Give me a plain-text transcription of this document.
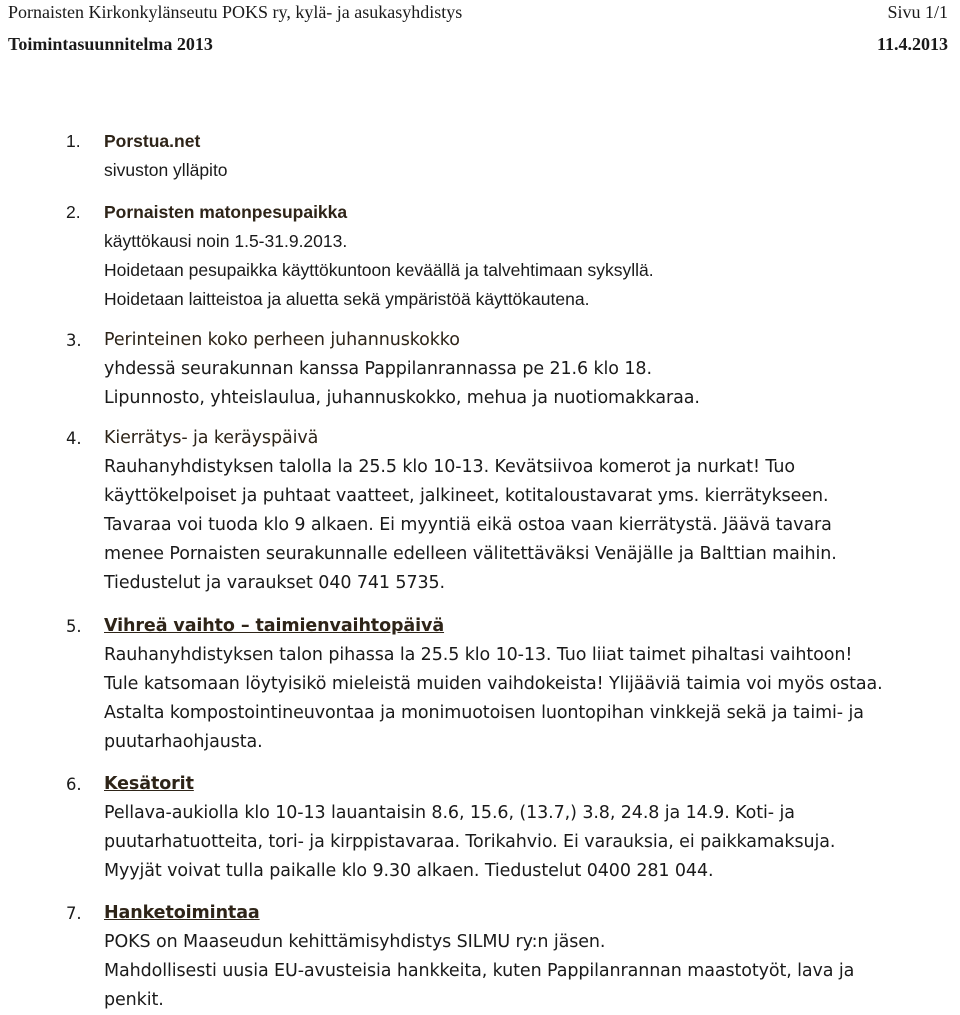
Pornaisten Kirkonkylänseutu POKS ry, kylä- ja asukasyhdistys	Sivu 1/1
Toimintasuunnitelma 2013	11.4.2013
1. Porstua.net
sivuston ylläpito
2. Pornaisten matonpesupaikka
käyttökausi noin 1.5-31.9.2013.
Hoidetaan pesupaikka käyttökuntoon keväällä ja talvehtimaan syksyllä.
Hoidetaan laitteistoa ja aluetta sekä ympäristöä käyttökautena.
3. Perinteinen koko perheen juhannuskokko
yhdessä seurakunnan kanssa Pappilanrannassa pe 21.6 klo 18.
Lipunnosto, yhteislaulua, juhannuskokko, mehua ja nuotiomakkaraa.
4. Kierrätys- ja keräyspäivä
Rauhanyhdistyksen talolla la 25.5 klo 10-13. Kevätsiivoa komerot ja nurkat! Tuo
käyttökelpoiset ja puhtaat vaatteet, jalkineet, kotitaloustavarat yms. kierrätykseen.
Tavaraa voi tuoda klo 9 alkaen. Ei myyntiä eikä ostoa vaan kierrätystä. Jäävä tavara
menee Pornaisten seurakunnalle edelleen välitettäväksi Venäjälle ja Balttian maihin.
Tiedustelut ja varaukset 040 741 5735.
5. Vihreä vaihto – taimienvaihtopäivä
Rauhanyhdistyksen talon pihassa la 25.5 klo 10-13. Tuo liiat taimet pihaltasi vaihtoon!
Tule katsomaan löytyisikö mieleistä muiden vaihdokeista! Ylijääviä taimia voi myös ostaa.
Astalta kompostointineuvontaa ja monimuotoisen luontopihan vinkkejä sekä ja taimi- ja
puutarhaohjausta.
6. Kesätorit
Pellava-aukiolla klo 10-13 lauantaisin 8.6, 15.6, (13.7,) 3.8, 24.8 ja 14.9. Koti- ja
puutarhatuotteita, tori- ja kirppistavaraa. Torikahvio. Ei varauksia, ei paikkamaksuja.
Myyjät voivat tulla paikalle klo 9.30 alkaen. Tiedustelut 0400 281 044.
7. Hanketoimintaa
POKS on Maaseudun kehittämisyhdistys SILMU ry:n jäsen.
Mahdollisesti uusia EU-avusteisia hankkeita, kuten Pappilanrannan maastotyöt, lava ja
penkit.
